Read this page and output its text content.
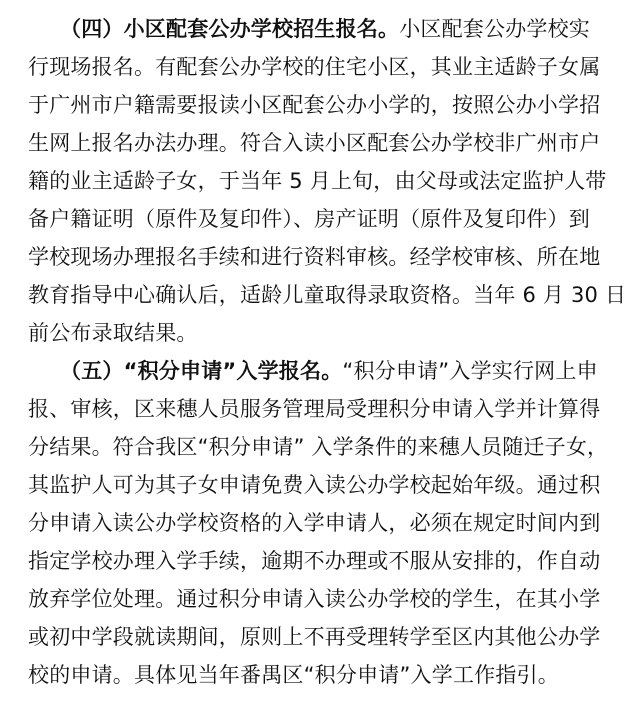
（四）小区配套公办学校招生报名。小区配套公办学校实
行现场报名。有配套公办学校的住宅小区，其业主适龄子女属
于广州市户籍需要报读小区配套公办小学的，按照公办小学招
生网上报名办法办理。符合入读小区配套公办学校非广州市户
籍的业主适龄子女，于当年 5 月上旬，由父母或法定监护人带
备户籍证明（原件及复印件）、房产证明（原件及复印件）到
学校现场办理报名手续和进行资料审核。经学校审核、所在地
教育指导中心确认后，适龄儿童取得录取资格。当年 6 月 30 日
前公布录取结果。
（五）“积分申请”入学报名。“积分申请”入学实行网上申
报、审核，区来穗人员服务管理局受理积分申请入学并计算得
分结果。符合我区“积分申请” 入学条件的来穗人员随迁子女，
其监护人可为其子女申请免费入读公办学校起始年级。通过积
分申请入读公办学校资格的入学申请人，必须在规定时间内到
指定学校办理入学手续，逾期不办理或不服从安排的，作自动
放弃学位处理。通过积分申请入读公办学校的学生，在其小学
或初中学段就读期间，原则上不再受理转学至区内其他公办学
校的申请。具体见当年番禺区“积分申请”入学工作指引。
